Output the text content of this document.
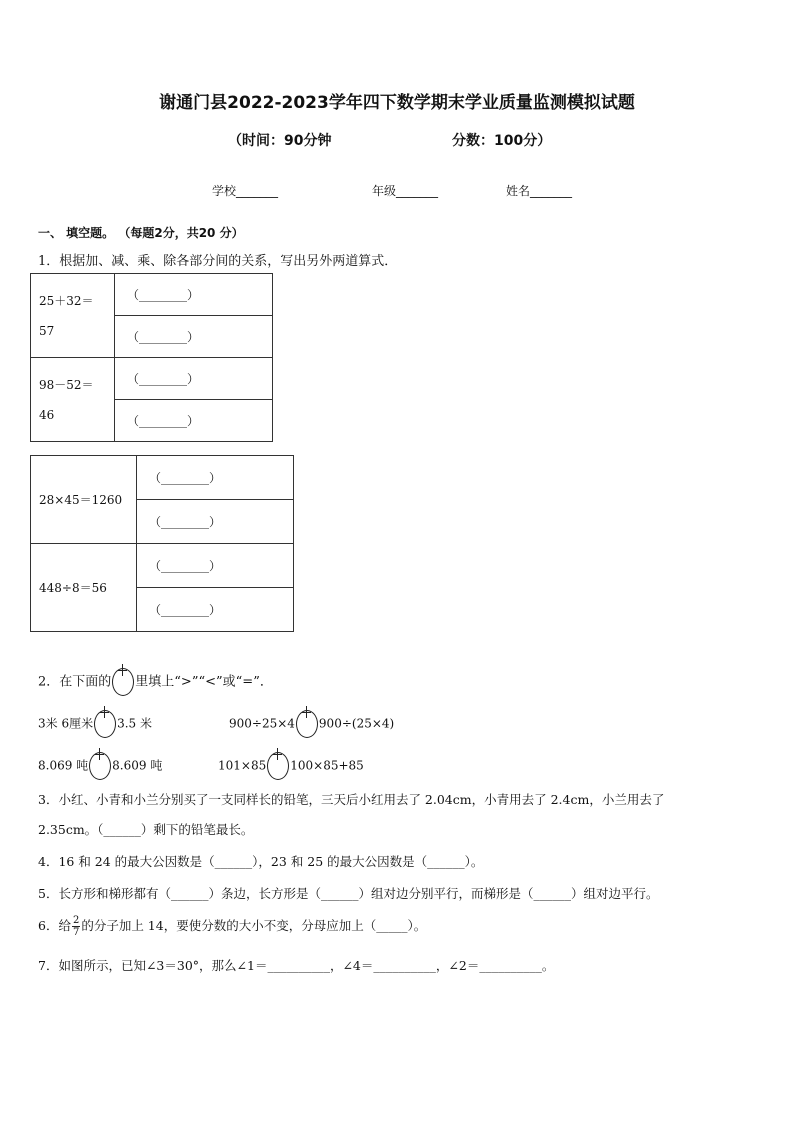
谢通门县2022-2023学年四下数学期末学业质量监测模拟试题
（时间：90分钟	分数：100分）
学校_______	年级_______	姓名_______
一、 填空题。 （每题2分，共20 分）
1．根据加、减、乘、除各部分间的关系，写出另外两道算式．
25＋32＝
57	（________）
	（________）
98－52＝
46	（________）
	（________）
28×45＝1260	（________）
	（________）
448÷8＝56	（________）
	（________）
2．在下面的 里填上“>”“<”或“=”．
3米 6厘米 3.5 米	900÷25×4 900÷(25×4)
8.069 吨 8.609 吨	101×85 100×85+85
3．小红、小青和小兰分别买了一支同样长的铅笔，三天后小红用去了 2.04cm，小青用去了 2.4cm，小兰用去了
2.35cm。（______）剩下的铅笔最长。
4．16 和 24 的最大公因数是（______），23 和 25 的最大公因数是（______）。
5．长方形和梯形都有（______）条边，长方形是（______）组对边分别平行，而梯形是（______）组对边平行。
6．给 $\frac{2}{7}$ 的分子加上 14，要使分数的大小不变，分母应加上（_____）。
7．如图所示，已知∠3＝30°，那么∠1＝__________，∠4＝__________，∠2＝__________。
